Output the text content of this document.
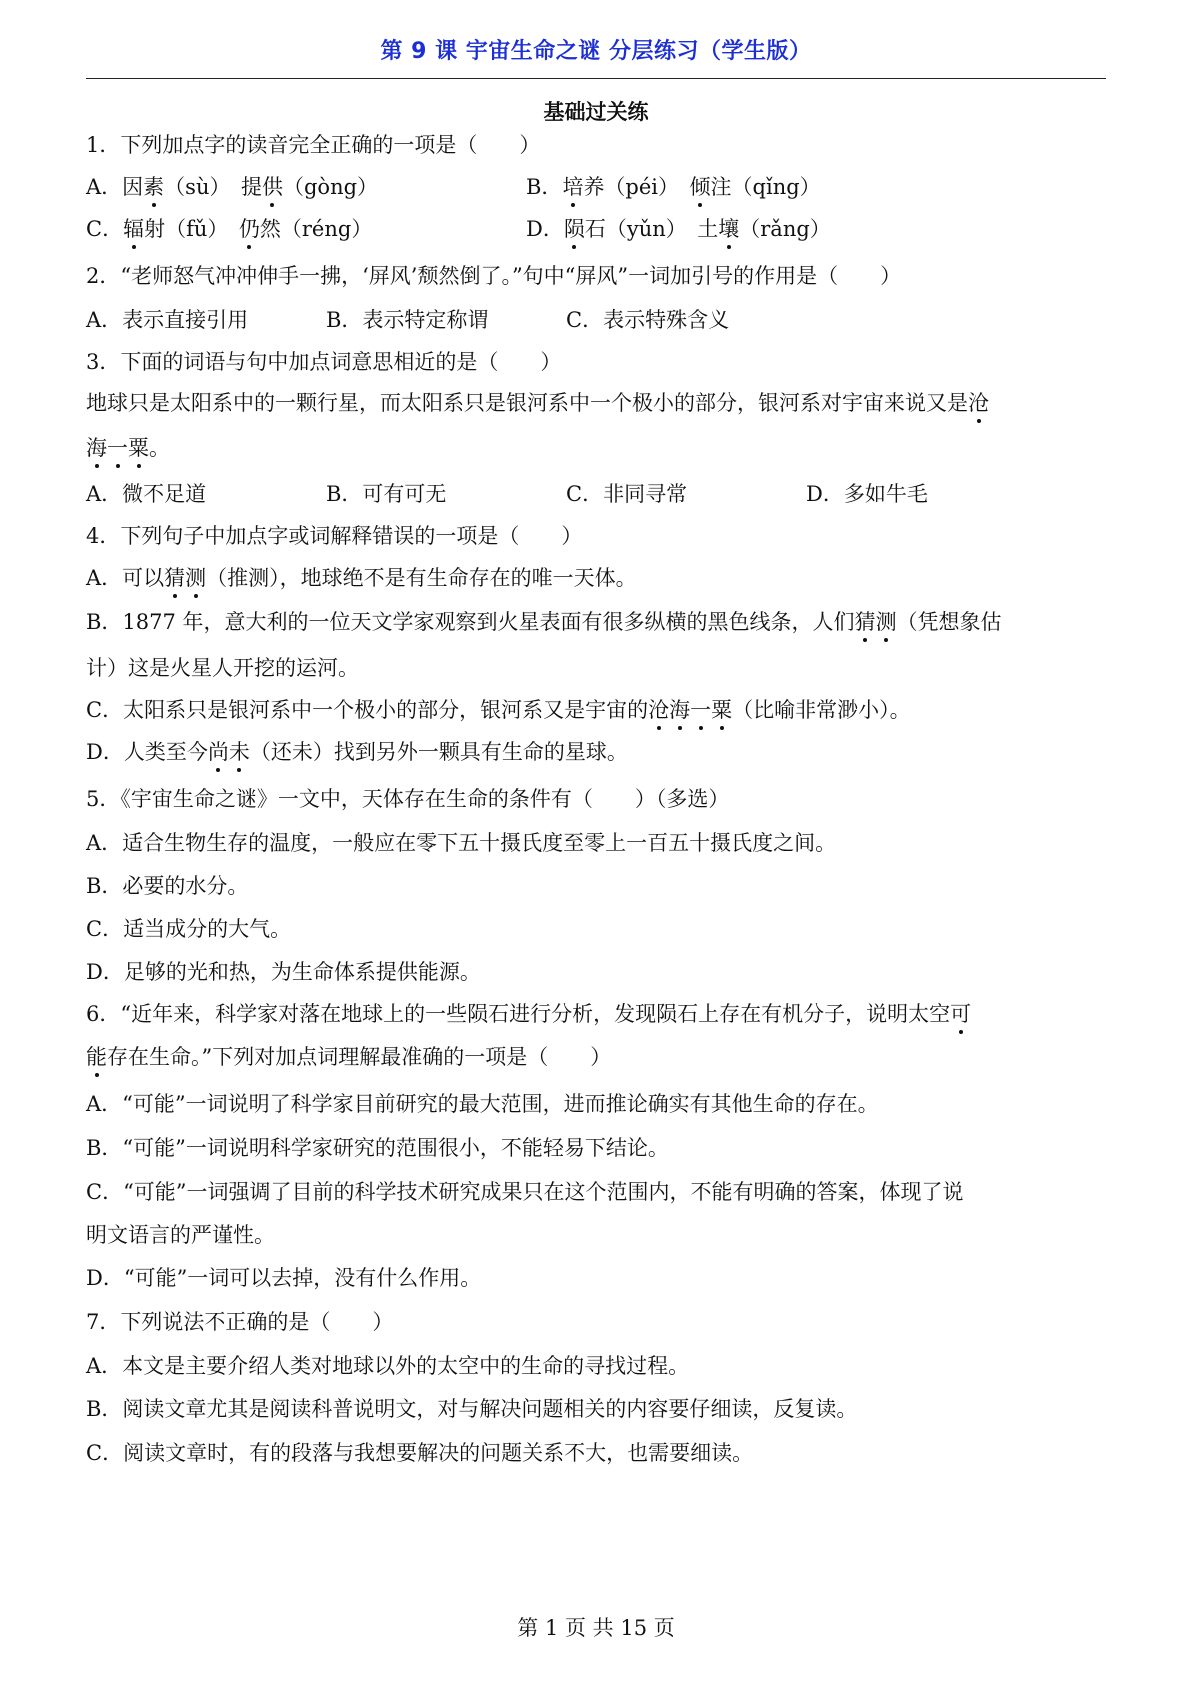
第 9 课 宇宙生命之谜 分层练习（学生版）
基础过关练
1．下列加点字的读音完全正确的一项是（　　）
A．因素（sù）　提供（gòng）	B．培养（péi）　倾注（qǐng）
C．辐射（fǔ）　仍然（réng）	D．陨石（yǔn）　土壤（rǎng）
2．“老师怒气冲冲伸手一拂，‘屏风’颓然倒了。”句中“屏风”一词加引号的作用是（　　）
A．表示直接引用	B．表示特定称谓	C．表示特殊含义
3．下面的词语与句中加点词意思相近的是（　　）
地球只是太阳系中的一颗行星，而太阳系只是银河系中一个极小的部分，银河系对宇宙来说又是沧
海一粟。
A．微不足道	B．可有可无	C．非同寻常	D．多如牛毛
4．下列句子中加点字或词解释错误的一项是（　　）
A．可以猜测（推测），地球绝不是有生命存在的唯一天体。
B．1877 年，意大利的一位天文学家观察到火星表面有很多纵横的黑色线条，人们猜测（凭想象估
计）这是火星人开挖的运河。
C．太阳系只是银河系中一个极小的部分，银河系又是宇宙的沧海一粟（比喻非常渺小）。
D．人类至今尚未（还未）找到另外一颗具有生命的星球。
5．《宇宙生命之谜》一文中，天体存在生命的条件有（　　）（多选）
A．适合生物生存的温度，一般应在零下五十摄氏度至零上一百五十摄氏度之间。
B．必要的水分。
C．适当成分的大气。
D．足够的光和热，为生命体系提供能源。
6．“近年来，科学家对落在地球上的一些陨石进行分析，发现陨石上存在有机分子，说明太空可
能存在生命。”下列对加点词理解最准确的一项是（　　）
A．“可能”一词说明了科学家目前研究的最大范围，进而推论确实有其他生命的存在。
B．“可能”一词说明科学家研究的范围很小，不能轻易下结论。
C．“可能”一词强调了目前的科学技术研究成果只在这个范围内，不能有明确的答案，体现了说
明文语言的严谨性。
D．“可能”一词可以去掉，没有什么作用。
7．下列说法不正确的是（　　）
A．本文是主要介绍人类对地球以外的太空中的生命的寻找过程。
B．阅读文章尤其是阅读科普说明文，对与解决问题相关的内容要仔细读，反复读。
C．阅读文章时，有的段落与我想要解决的问题关系不大，也需要细读。
第 1 页 共 15 页
